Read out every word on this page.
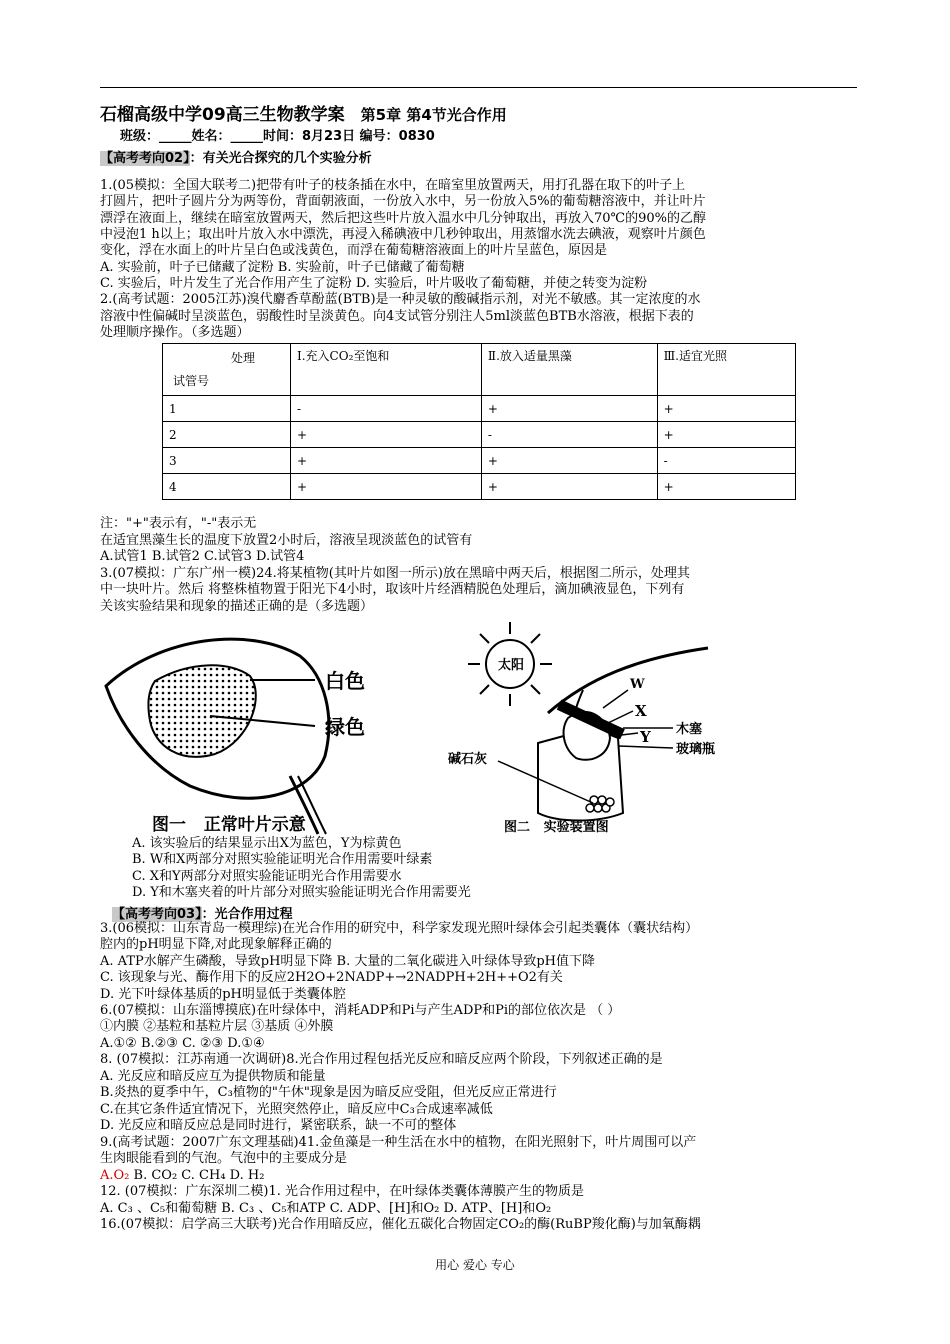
石榴高级中学09高三生物教学案 第5章 第4节光合作用
班级：_____姓名：_____时间：8月23日 编号：0830
【高考考向02】：有关光合探究的几个实验分析
1.(05模拟：全国大联考二)把带有叶子的枝条插在水中，在暗室里放置两天，用打孔器在取下的叶子上
打圆片，把叶子圆片分为两等份，背面朝液面，一份放入水中，另一份放入5%的葡萄糖溶液中，并让叶片
漂浮在液面上，继续在暗室放置两天，然后把这些叶片放入温水中几分钟取出，再放入70℃的90%的乙醇
中浸泡1 h以上；取出叶片放入水中漂洗，再浸入稀碘液中几秒钟取出，用蒸馏水洗去碘液，观察叶片颜色
变化，浮在水面上的叶片呈白色或浅黄色，而浮在葡萄糖溶液面上的叶片呈蓝色，原因是
A. 实验前，叶子已储藏了淀粉 B. 实验前，叶子已储藏了葡萄糖
C. 实验后，叶片发生了光合作用产生了淀粉 D. 实验后，叶片吸收了葡萄糖，并使之转变为淀粉
2.(高考试题：2005江苏)溴代麝香草酚蓝(BTB)是一种灵敏的酸碱指示剂，对光不敏感。其一定浓度的水
溶液中性偏碱时呈淡蓝色，弱酸性时呈淡黄色。向4支试管分别注人5ml淡蓝色BTB水溶液，根据下表的
处理顺序操作。（多选题）
处理
试管号	Ⅰ.充入CO₂至饱和	Ⅱ.放入适量黑藻	Ⅲ.适宜光照
1	-	+	+
2	+	-	+
3	+	+	-
4	+	+	+
注："+"表示有，"-"表示无
在适宜黑藻生长的温度下放置2小时后，溶液呈现淡蓝色的试管有
A.试管1 B.试管2 C.试管3 D.试管4
3.(07模拟：广东广州一模)24.将某植物(其叶片如图一所示)放在黑暗中两天后，根据图二所示，处理其
中一块叶片。然后 将整株植物置于阳光下4小时，取该叶片经酒精脱色处理后，滴加碘液显色，下列有
关该实验结果和现象的描述正确的是（多选题）
白色
绿色
图一   正常叶片示意
太阳
W
X
Y 木塞
玻璃瓶
碱石灰
图二   实验装置图
A. 该实验后的结果显示出X为蓝色，Y为棕黄色
B. W和X两部分对照实验能证明光合作用需要叶绿素
C. X和Y两部分对照实验能证明光合作用需要水
D. Y和木塞夹着的叶片部分对照实验能证明光合作用需要光
【高考考向03】：光合作用过程
3.(06模拟：山东青岛一模理综)在光合作用的研究中，科学家发现光照叶绿体会引起类囊体（囊状结构）
腔内的pH明显下降,对此现象解释正确的
A. ATP水解产生磷酸，导致pH明显下降 B. 大量的二氧化碳进入叶绿体导致pH值下降
C. 该现象与光、酶作用下的反应2H2O+2NADP+→2NADPH+2H++O2有关
D. 光下叶绿体基质的pH明显低于类囊体腔
6.(07模拟：山东淄博摸底)在叶绿体中，消耗ADP和Pi与产生ADP和Pi的部位依次是 （ ）
①内膜 ②基粒和基粒片层 ③基质 ④外膜
A.①② B.②③ C. ②③ D.①④
8. (07模拟：江苏南通一次调研)8.光合作用过程包括光反应和暗反应两个阶段，下列叙述正确的是
A. 光反应和暗反应互为提供物质和能量
B.炎热的夏季中午，C₃植物的"午休"现象是因为暗反应受阻，但光反应正常进行
C.在其它条件适宜情况下，光照突然停止，暗反应中C₃合成速率减低
D. 光反应和暗反应总是同时进行，紧密联系，缺一不可的整体
9.(高考试题：2007广东文理基础)41.金鱼藻是一种生活在水中的植物，在阳光照射下，叶片周围可以产
生肉眼能看到的气泡。气泡中的主要成分是
A.O₂ B. CO₂ C. CH₄ D. H₂
12. (07模拟：广东深圳二模)1. 光合作用过程中，在叶绿体类囊体薄膜产生的物质是
A. C₃ 、C₅和葡萄糖 B. C₃ 、C₅和ATP C. ADP、[H]和O₂ D. ATP、[H]和O₂
16.(07模拟：启学高三大联考)光合作用暗反应，催化五碳化合物固定CO₂的酶(RuBP羧化酶)与加氧酶耦
用心 爱心 专心
